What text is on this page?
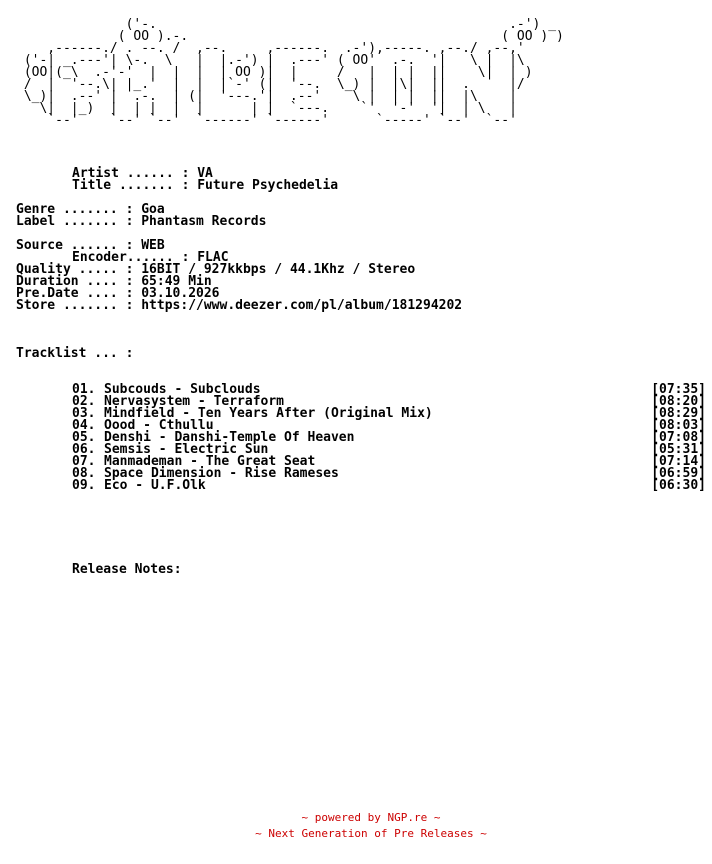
('-.                                             .-') _
( OO ).-.                                        ( OO ) )
,------./ . --. /  ,--.     ,------.  .-'),-----. ,--./ ,--,'
('-| _.---'| \-.  \   |  |.-') |  .---' ( OO'  .-.  '|   \ |  |\
(OO|(_\  .-'-'  |  |  |  | OO )|  |     /   |  | |  ||    \|  | )
/  |  '--.\| |_.'  |  |  |`-' (|  '--.  \_) |  |\|  ||  .     |/
\_)|  .--' |  .-.  | (|  '---.'|  .--'    \ |  | |  ||  |\    |
\|  |_)  |  | |  |  |      | |  `---.    `'  '-'  '|  | \   |
`--'    `--' `--'  `------' `------'      `-----' `--'  `--'
Artist ...... : VA
Title ....... : Future Psychedelia
Genre ....... : Goa
Label ....... : Phantasm Records
Source ...... : WEB
Encoder...... : FLAC
Quality ..... : 16BIT / 927kkbps / 44.1Khz / Stereo
Duration .... : 65:49 Min
Pre.Date .... : 03.10.2026
Store ....... : https://www.deezer.com/pl/album/181294202
Tracklist ... :
01. Subcouds - Subclouds	[07:35]
02. Nervasystem - Terraform	[08:20]
03. Mindfield - Ten Years After (Original Mix)	[08:29]
04. Oood - Cthullu	[08:03]
05. Denshi - Danshi-Temple Of Heaven	[07:08]
06. Semsis - Electric Sun	[05:31]
07. Manmademan - The Great Seat	[07:14]
08. Space Dimension - Rise Rameses	[06:59]
09. Eco - U.F.Olk	[06:30]
Release Notes:
~ powered by NGP.re ~
~ Next Generation of Pre Releases ~
